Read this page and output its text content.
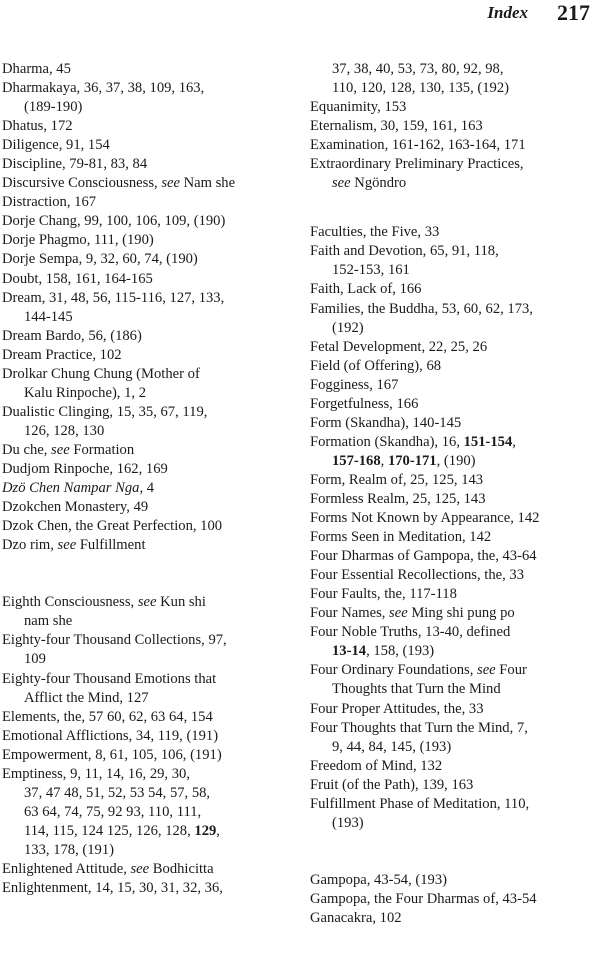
Index 217
Dharma, 45
Dharmakaya, 36, 37, 38, 109, 163,
(189-190)
Dhatus, 172
Diligence, 91, 154
Discipline, 79-81, 83, 84
Discursive Consciousness, see Nam she
Distraction, 167
Dorje Chang, 99, 100, 106, 109, (190)
Dorje Phagmo, 111, (190)
Dorje Sempa, 9, 32, 60, 74, (190)
Doubt, 158, 161, 164-165
Dream, 31, 48, 56, 115-116, 127, 133,
144-145
Dream Bardo, 56, (186)
Dream Practice, 102
Drolkar Chung Chung (Mother of
Kalu Rinpoche), 1, 2
Dualistic Clinging, 15, 35, 67, 119,
126, 128, 130
Du che, see Formation
Dudjom Rinpoche, 162, 169
Dzö Chen Nampar Nga, 4
Dzokchen Monastery, 49
Dzok Chen, the Great Perfection, 100
Dzo rim, see Fulfillment
Eighth Consciousness, see Kun shi
nam she
Eighty-four Thousand Collections, 97,
109
Eighty-four Thousand Emotions that
Afflict the Mind, 127
Elements, the, 57 60, 62, 63 64, 154
Emotional Afflictions, 34, 119, (191)
Empowerment, 8, 61, 105, 106, (191)
Emptiness, 9, 11, 14, 16, 29, 30,
37, 47 48, 51, 52, 53 54, 57, 58,
63 64, 74, 75, 92 93, 110, 111,
114, 115, 124 125, 126, 128, 129,
133, 178, (191)
Enlightened Attitude, see Bodhicitta
Enlightenment, 14, 15, 30, 31, 32, 36,
37, 38, 40, 53, 73, 80, 92, 98,
110, 120, 128, 130, 135, (192)
Equanimity, 153
Eternalism, 30, 159, 161, 163
Examination, 161-162, 163-164, 171
Extraordinary Preliminary Practices,
see Ngöndro
Faculties, the Five, 33
Faith and Devotion, 65, 91, 118,
152-153, 161
Faith, Lack of, 166
Families, the Buddha, 53, 60, 62, 173,
(192)
Fetal Development, 22, 25, 26
Field (of Offering), 68
Fogginess, 167
Forgetfulness, 166
Form (Skandha), 140-145
Formation (Skandha), 16, 151-154,
157-168, 170-171, (190)
Form, Realm of, 25, 125, 143
Formless Realm, 25, 125, 143
Forms Not Known by Appearance, 142
Forms Seen in Meditation, 142
Four Dharmas of Gampopa, the, 43-64
Four Essential Recollections, the, 33
Four Faults, the, 117-118
Four Names, see Ming shi pung po
Four Noble Truths, 13-40, defined
13-14, 158, (193)
Four Ordinary Foundations, see Four
Thoughts that Turn the Mind
Four Proper Attitudes, the, 33
Four Thoughts that Turn the Mind, 7,
9, 44, 84, 145, (193)
Freedom of Mind, 132
Fruit (of the Path), 139, 163
Fulfillment Phase of Meditation, 110,
(193)
Gampopa, 43-54, (193)
Gampopa, the Four Dharmas of, 43-54
Ganacakra, 102
